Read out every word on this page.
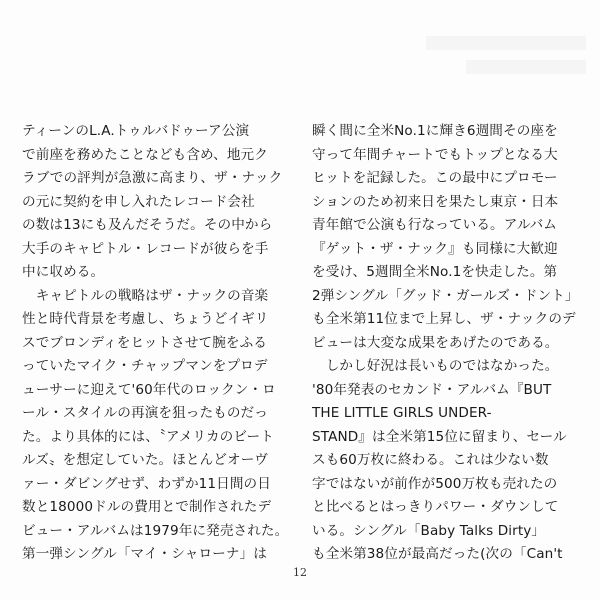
ティーンのL.A.トゥルバドゥーア公演
で前座を務めたことなども含め、地元ク
ラブでの評判が急激に高まり、ザ・ナック
の元に契約を申し入れたレコード会社
の数は13にも及んだそうだ。その中から
大手のキャピトル・レコードが彼らを手
中に収める。
　キャピトルの戦略はザ・ナックの音楽
性と時代背景を考慮し、ちょうどイギリ
スでブロンディをヒットさせて腕をふる
っていたマイク・チャップマンをプロデ
ューサーに迎えて'60年代のロックン・ロ
ール・スタイルの再演を狙ったものだっ
た。より具体的には、〝アメリカのビート
ルズ〟を想定していた。ほとんどオーヴ
ァー・ダビングせず、わずか11日間の日
数と18000ドルの費用とで制作されたデ
ビュー・アルバムは1979年に発売された。
第一弾シングル「マイ・シャローナ」は
瞬く間に全米No.1に輝き6週間その座を
守って年間チャートでもトップとなる大
ヒットを記録した。この最中にプロモー
ションのため初来日を果たし東京・日本
青年館で公演も行なっている。アルバム
『ゲット・ザ・ナック』も同様に大歓迎
を受け、5週間全米No.1を快走した。第
2弾シングル「グッド・ガールズ・ドント」
も全米第11位まで上昇し、ザ・ナックのデ
ビューは大変な成果をあげたのである。
　しかし好況は長いものではなかった。
'80年発表のセカンド・アルバム『BUT
THE LITTLE GIRLS UNDER-
STAND』は全米第15位に留まり、セール
スも60万枚に終わる。これは少ない数
字ではないが前作が500万枚も売れたの
と比べるとはっきりパワー・ダウンして
いる。シングル「Baby Talks Dirty」
も全米第38位が最高だった(次の「Can't
12
